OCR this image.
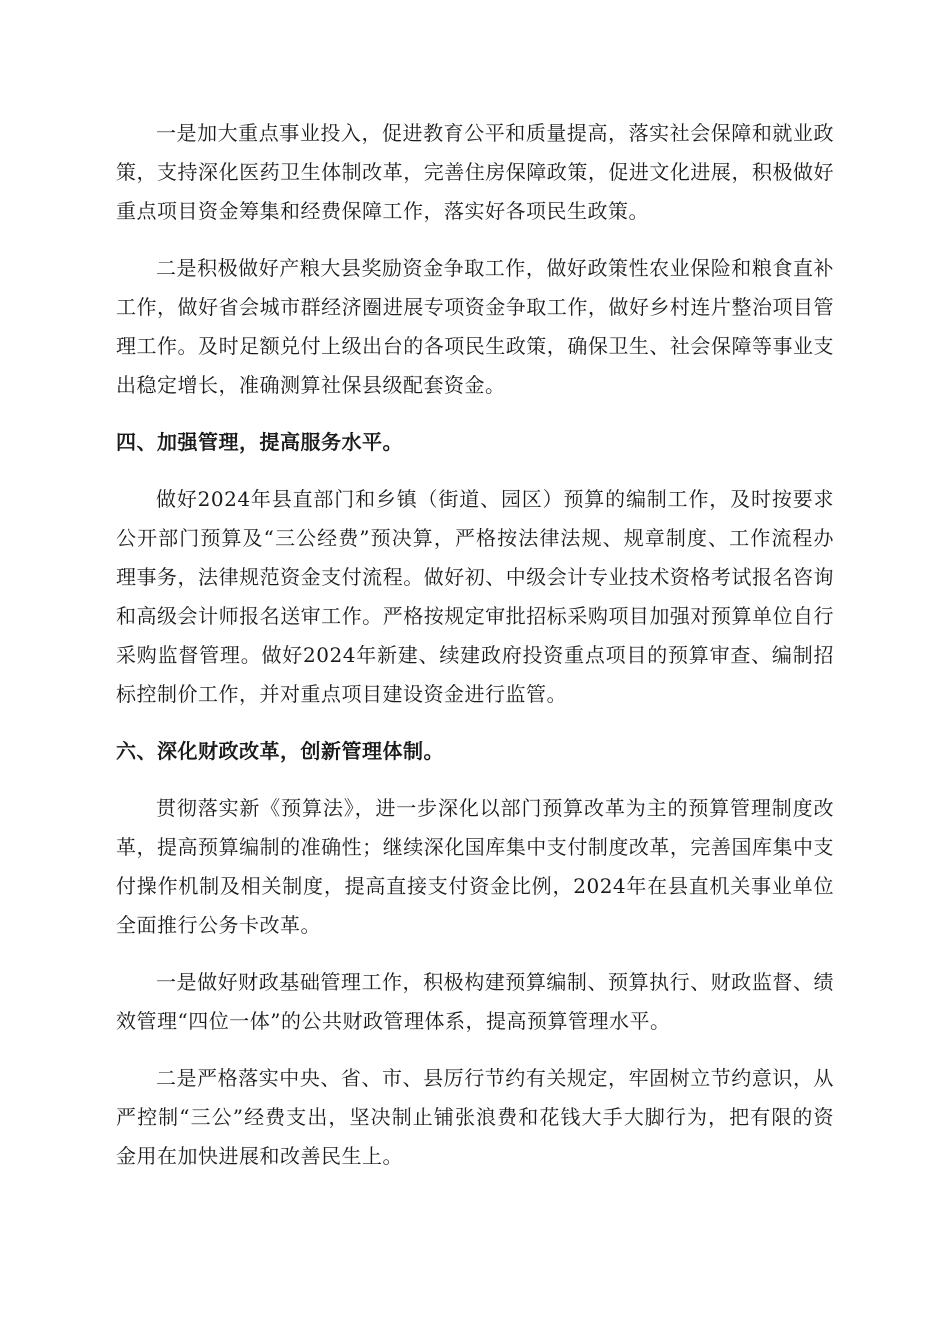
一是加大重点事业投入，促进教育公平和质量提高，落实社会保障和就业政策，支持深化医药卫生体制改革，完善住房保障政策，促进文化进展，积极做好重点项目资金筹集和经费保障工作，落实好各项民生政策。

二是积极做好产粮大县奖励资金争取工作，做好政策性农业保险和粮食直补工作，做好省会城市群经济圈进展专项资金争取工作，做好乡村连片整治项目管理工作。及时足额兑付上级出台的各项民生政策，确保卫生、社会保障等事业支出稳定增长，准确测算社保县级配套资金。

四、加强管理，提高服务水平。

做好2024年县直部门和乡镇（街道、园区）预算的编制工作，及时按要求公开部门预算及“三公经费”预决算，严格按法律法规、规章制度、工作流程办理事务，法律规范资金支付流程。做好初、中级会计专业技术资格考试报名咨询和高级会计师报名送审工作。严格按规定审批招标采购项目加强对预算单位自行采购监督管理。做好2024年新建、续建政府投资重点项目的预算审查、编制招标控制价工作，并对重点项目建设资金进行监管。

六、深化财政改革，创新管理体制。

贯彻落实新《预算法》，进一步深化以部门预算改革为主的预算管理制度改革，提高预算编制的准确性；继续深化国库集中支付制度改革，完善国库集中支付操作机制及相关制度，提高直接支付资金比例，2024年在县直机关事业单位全面推行公务卡改革。

一是做好财政基础管理工作，积极构建预算编制、预算执行、财政监督、绩效管理“四位一体”的公共财政管理体系，提高预算管理水平。

二是严格落实中央、省、市、县厉行节约有关规定，牢固树立节约意识，从严控制“三公”经费支出，坚决制止铺张浪费和花钱大手大脚行为，把有限的资金用在加快进展和改善民生上。
